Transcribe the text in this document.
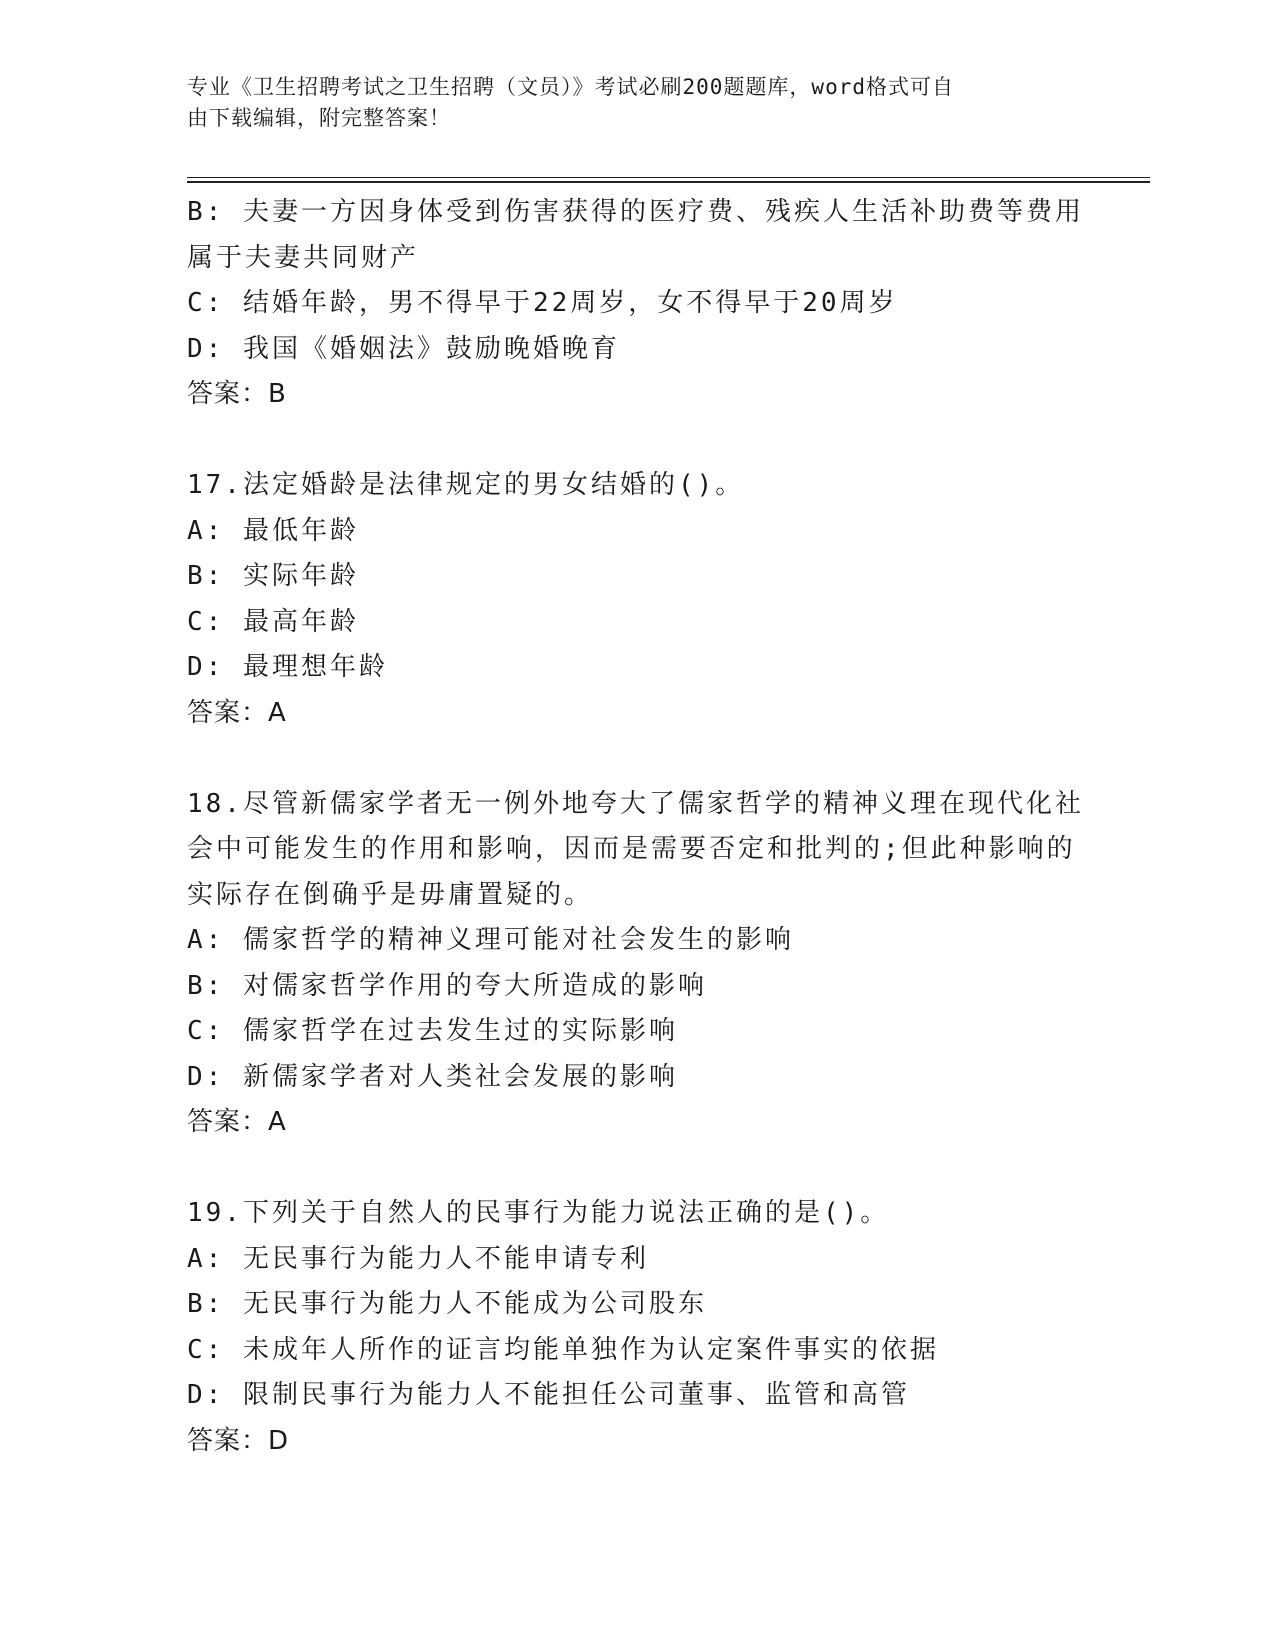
专业《卫生招聘考试之卫生招聘（文员）》考试必刷200题题库，word格式可自
由下载编辑，附完整答案！
B: 夫妻一方因身体受到伤害获得的医疗费、残疾人生活补助费等费用
属于夫妻共同财产
C: 结婚年龄，男不得早于22周岁，女不得早于20周岁
D: 我国《婚姻法》鼓励晚婚晚育
答案：B
17.法定婚龄是法律规定的男女结婚的()。
A: 最低年龄
B: 实际年龄
C: 最高年龄
D: 最理想年龄
答案：A
18.尽管新儒家学者无一例外地夸大了儒家哲学的精神义理在现代化社
会中可能发生的作用和影响，因而是需要否定和批判的;但此种影响的
实际存在倒确乎是毋庸置疑的。
A: 儒家哲学的精神义理可能对社会发生的影响
B: 对儒家哲学作用的夸大所造成的影响
C: 儒家哲学在过去发生过的实际影响
D: 新儒家学者对人类社会发展的影响
答案：A
19.下列关于自然人的民事行为能力说法正确的是()。
A: 无民事行为能力人不能申请专利
B: 无民事行为能力人不能成为公司股东
C: 未成年人所作的证言均能单独作为认定案件事实的依据
D: 限制民事行为能力人不能担任公司董事、监管和高管
答案：D
